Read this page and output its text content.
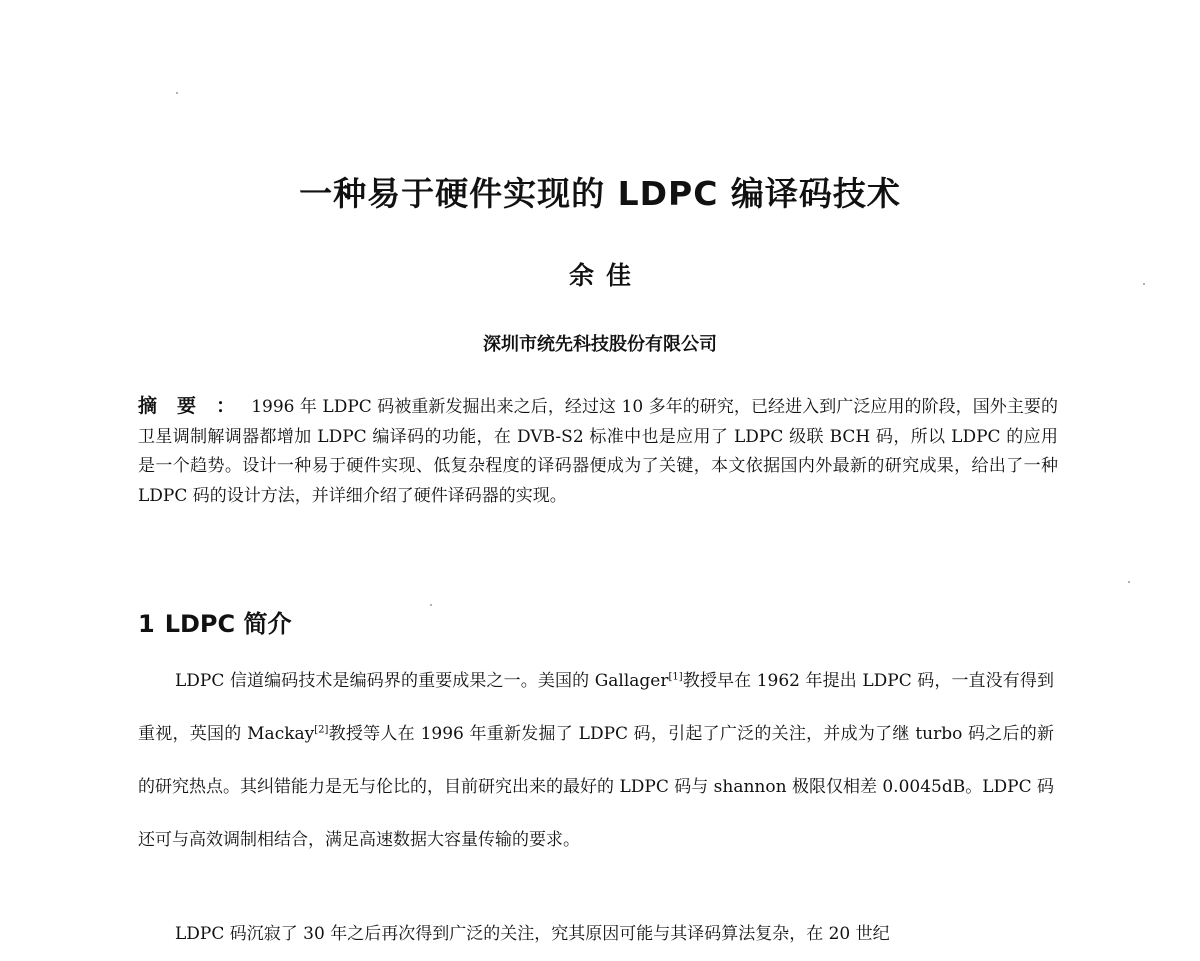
一种易于硬件实现的 LDPC 编译码技术
余佳
深圳市统先科技股份有限公司
摘要： 1996 年 LDPC 码被重新发掘出来之后，经过这 10 多年的研究，已经进入到广泛应用的阶段，国外主要的卫星调制解调器都增加 LDPC 编译码的功能，在 DVB-S2 标准中也是应用了 LDPC 级联 BCH 码，所以 LDPC 的应用是一个趋势。设计一种易于硬件实现、低复杂程度的译码器便成为了关键，本文依据国内外最新的研究成果，给出了一种 LDPC 码的设计方法，并详细介绍了硬件译码器的实现。
1 LDPC 简介

LDPC 信道编码技术是编码界的重要成果之一。美国的 Gallager[1]教授早在 1962 年提出 LDPC 码，一直没有得到重视，英国的 Mackay[2]教授等人在 1996 年重新发掘了 LDPC 码，引起了广泛的关注，并成为了继 turbo 码之后的新的研究热点。其纠错能力是无与伦比的，目前研究出来的最好的 LDPC 码与 shannon 极限仅相差 0.0045dB。LDPC 码还可与高效调制相结合，满足高速数据大容量传输的要求。

LDPC 码沉寂了 30 年之后再次得到广泛的关注，究其原因可能与其译码算法复杂，在 20 世纪
